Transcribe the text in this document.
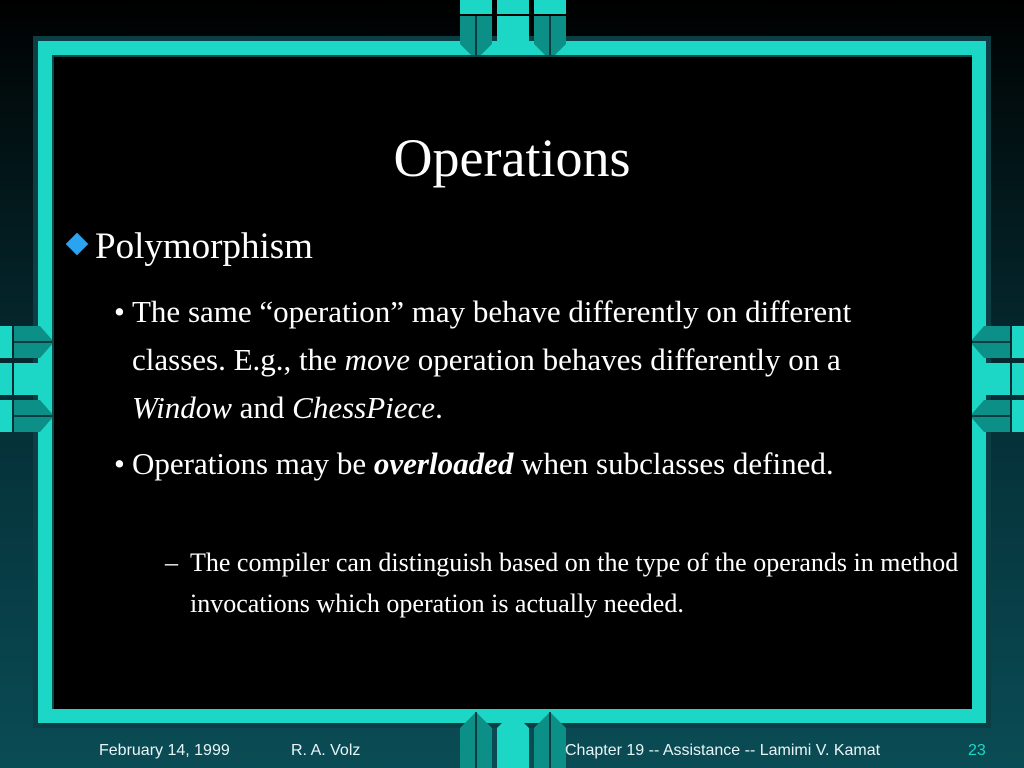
Operations
Polymorphism
• The same “operation” may behave differently on different classes. E.g., the move operation behaves differently on a Window and ChessPiece.
• Operations may be overloaded when subclasses defined.
– The compiler can distinguish based on the type of the operands in method invocations which operation is actually needed.
February 14, 1999	R. A. Volz	Chapter 19 -- Assistance -- Lamimi V. Kamat	23
